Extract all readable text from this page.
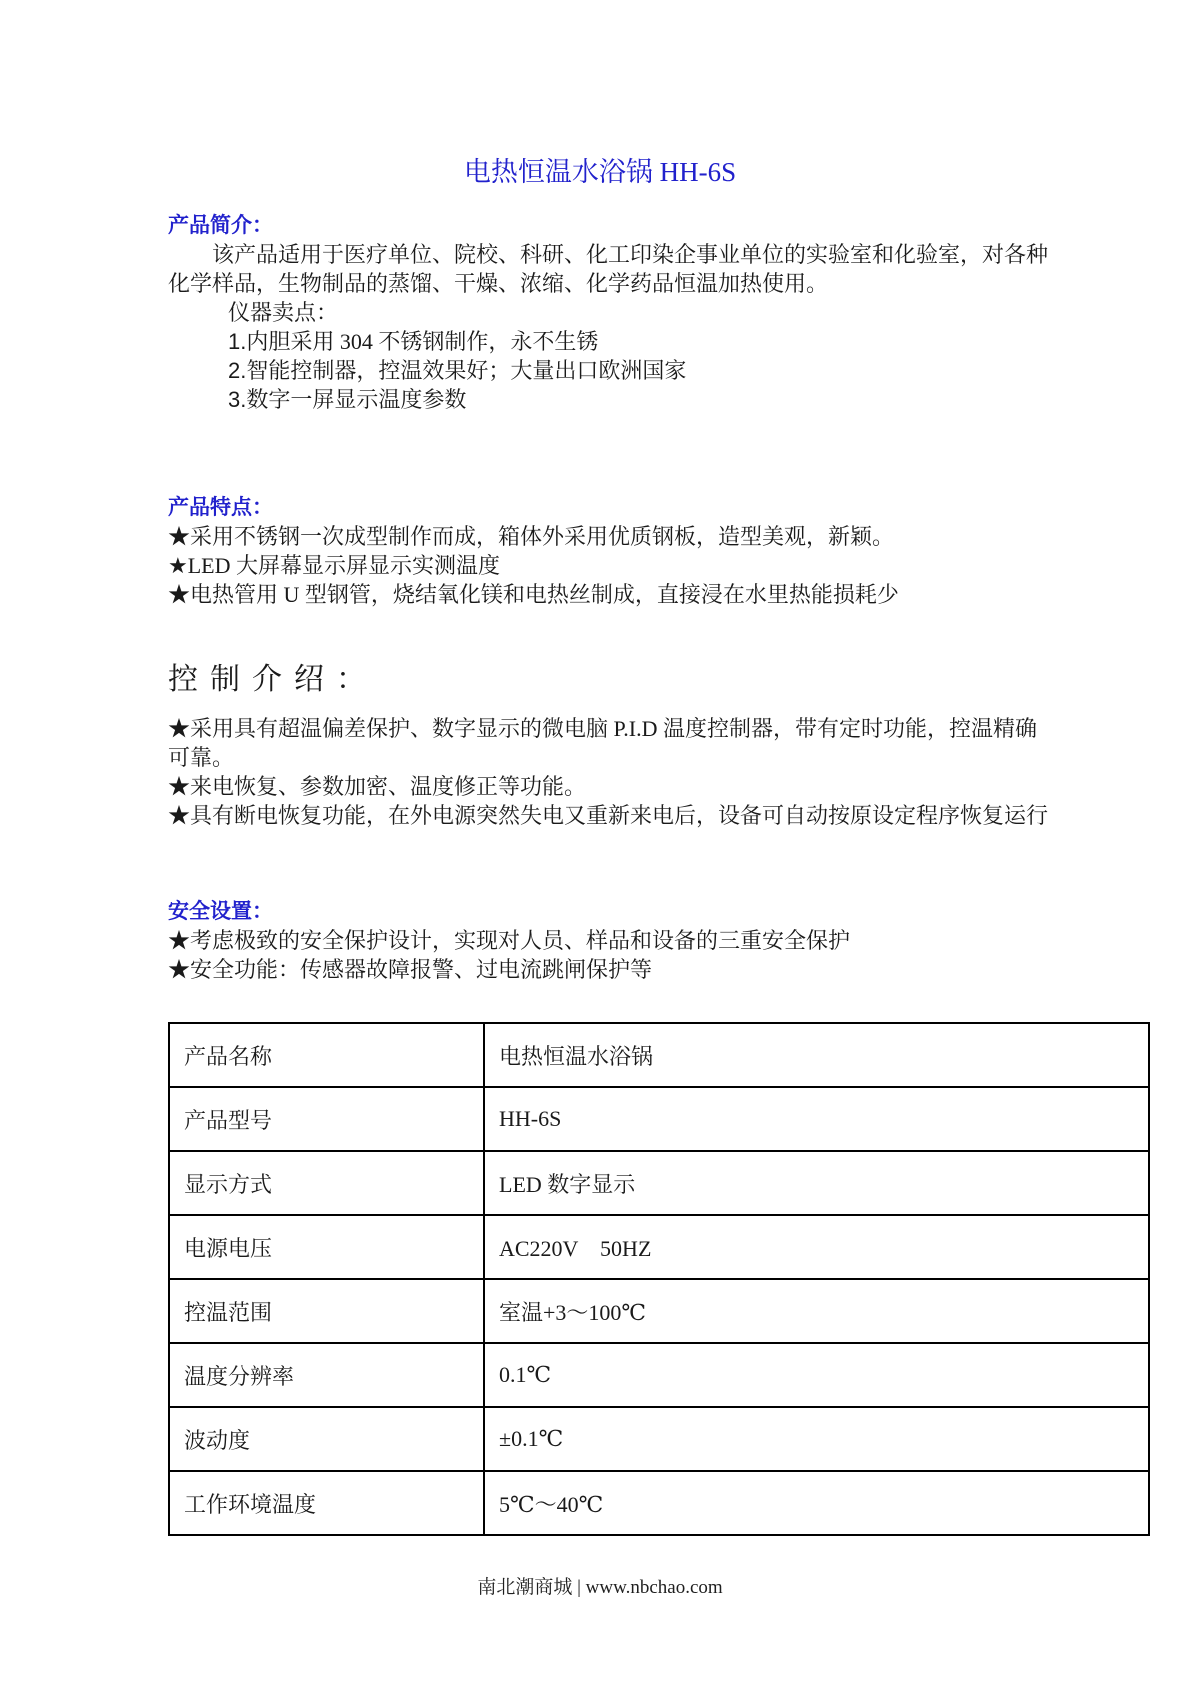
电热恒温水浴锅 HH-6S
产品简介：
该产品适用于医疗单位、院校、科研、化工印染企事业单位的实验室和化验室，对各种化学样品，生物制品的蒸馏、干燥、浓缩、化学药品恒温加热使用。
仪器卖点：
1.内胆采用 304 不锈钢制作，永不生锈
2.智能控制器，控温效果好；大量出口欧洲国家
3.数字一屏显示温度参数
产品特点：
★采用不锈钢一次成型制作而成，箱体外采用优质钢板，造型美观，新颖。
★LED 大屏幕显示屏显示实测温度
★电热管用 U 型钢管，烧结氧化镁和电热丝制成，直接浸在水里热能损耗少
控制介绍：
★采用具有超温偏差保护、数字显示的微电脑 P.I.D 温度控制器，带有定时功能，控温精确可靠。
★来电恢复、参数加密、温度修正等功能。
★具有断电恢复功能，在外电源突然失电又重新来电后，设备可自动按原设定程序恢复运行
安全设置：
★考虑极致的安全保护设计，实现对人员、样品和设备的三重安全保护
★安全功能：传感器故障报警、过电流跳闸保护等
产品名称	电热恒温水浴锅
产品型号	HH-6S
显示方式	LED 数字显示
电源电压	AC220V　50HZ
控温范围	室温+3～100℃
温度分辨率	0.1℃
波动度	±0.1℃
工作环境温度	5℃～40℃
南北潮商城 | www.nbchao.com
